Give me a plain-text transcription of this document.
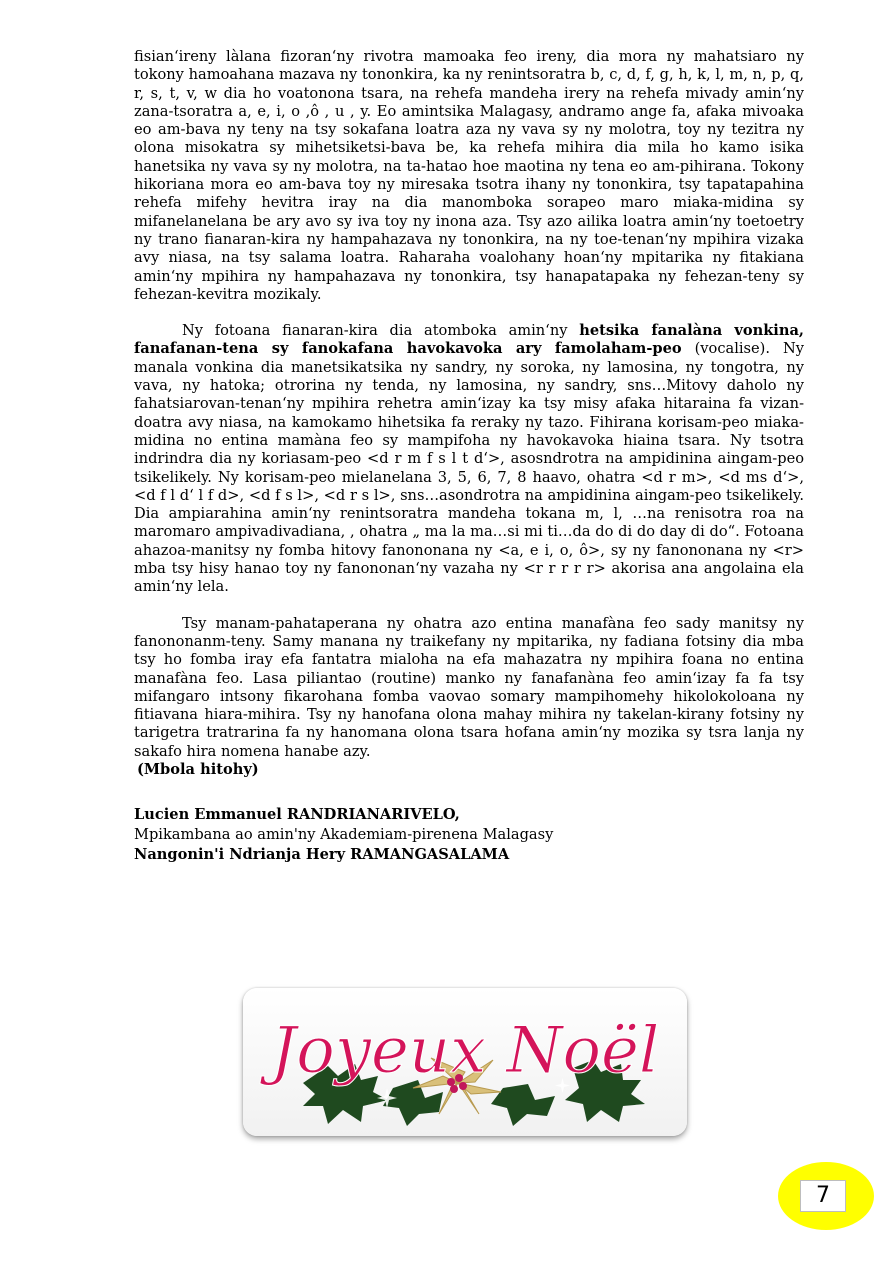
fisian‘ireny làlana fizoran‘ny rivotra mamoaka feo ireny, dia mora ny mahatsiaro ny tokony hamoahana mazava ny tononkira, ka ny renintsoratra b, c, d, f, g, h, k, l, m, n, p, q, r, s, t, v, w dia ho voatonona tsara, na rehefa mandeha irery na rehefa mivady amin‘ny zana-tsoratra a, e, i, o ,ô , u , y. Eo amintsika Malagasy, andramo ange fa, afaka mivoaka eo am-bava ny teny na tsy sokafana loatra aza ny vava sy ny molotra, toy ny tezitra ny olona misokatra sy mihetsiketsi-bava be, ka rehefa mihira dia mila ho kamo isika hanetsika ny vava sy ny molotra, na ta-hatao hoe maotina ny tena eo am-pihirana. Tokony hikoriana mora eo am-bava toy ny miresaka tsotra ihany ny tononkira, tsy tapatapahina rehefa mifehy hevitra iray na dia manomboka sorapeo maro miaka-midina sy mifanelanelana be ary avo sy iva toy ny inona aza. Tsy azo ailika loatra amin‘ny toetoetry ny trano fianaran-kira ny hampahazava ny tononkira, na ny toe-tenan‘ny mpihira vizaka avy niasa, na tsy salama loatra. Raharaha voalohany hoan‘ny mpitarika ny fitakiana amin‘ny mpihira ny hampahazava ny tononkira, tsy hanapatapaka ny fehezan-teny sy fehezan-kevitra mozikaly.

Ny fotoana fianaran-kira dia atomboka amin‘ny hetsika fanalàna vonkina, fanafanan-tena sy fanokafana havokavoka ary famolaham-peo (vocalise). Ny manala vonkina dia manetsikatsika ny sandry, ny soroka, ny lamosina, ny tongotra, ny vava, ny hatoka; otrorina ny tenda, ny lamosina, ny sandry, sns…Mitovy daholo ny fahatsiarovan-tenan‘ny mpihira rehetra amin‘izay ka tsy misy afaka hitaraina fa vizan-doatra avy niasa, na kamokamo hihetsika fa reraky ny tazo. Fihirana korisam-peo miaka-midina no entina mamàna feo sy mampifoha ny havokavoka hiaina tsara. Ny tsotra indrindra dia ny koriasam-peo <d r m f s l t d‘>, asosndrotra na ampidinina aingam-peo tsikelikely. Ny korisam-peo mielanelana 3, 5, 6, 7, 8 haavo, ohatra <d r m>, <d ms d‘>, <d f l d‘ l f d>, <d f s l>, <d r s l>, sns…asondrotra na ampidinina aingam-peo tsikelikely. Dia ampiarahina amin‘ny renintsoratra mandeha tokana m, l, …na renisotra roa na maromaro ampivadivadiana, , ohatra „ ma la ma…si mi ti…da do di do day di do“. Fotoana ahazoa-manitsy ny fomba hitovy fanononana ny <a, e i, o, ô>, sy ny fanononana ny <r> mba tsy hisy hanao toy ny fanononan‘ny vazaha ny <r r r r r> akorisa ana angolaina ela amin‘ny lela.

Tsy manam-pahataperana ny ohatra azo entina manafàna feo sady manitsy ny fanononanm-teny. Samy manana ny traikefany ny mpitarika, ny fadiana fotsiny dia mba tsy ho fomba iray efa fantatra mialoha na efa mahazatra ny mpihira foana no entina manafàna feo. Lasa piliantao (routine) manko ny fanafanàna feo amin‘izay fa fa tsy mifangaro intsony fikarohana fomba vaovao somary mampihomehy hikolokoloana ny fitiavana hiara-mihira. Tsy ny hanofana olona mahay mihira ny takelan-kirany fotsiny ny tarigetra tratrarina fa ny hanomana olona tsara hofana amin‘ny mozika sy tsra lanja ny sakafo hira nomena hanabe azy.

(Mbola hitohy)

Lucien Emmanuel RANDRIANARIVELO,
Mpikambana ao amin'ny Akademiam-pirenena Malagasy
Nangonin'i Ndrianja Hery RAMANGASALAMA
Joyeux Noël
7
